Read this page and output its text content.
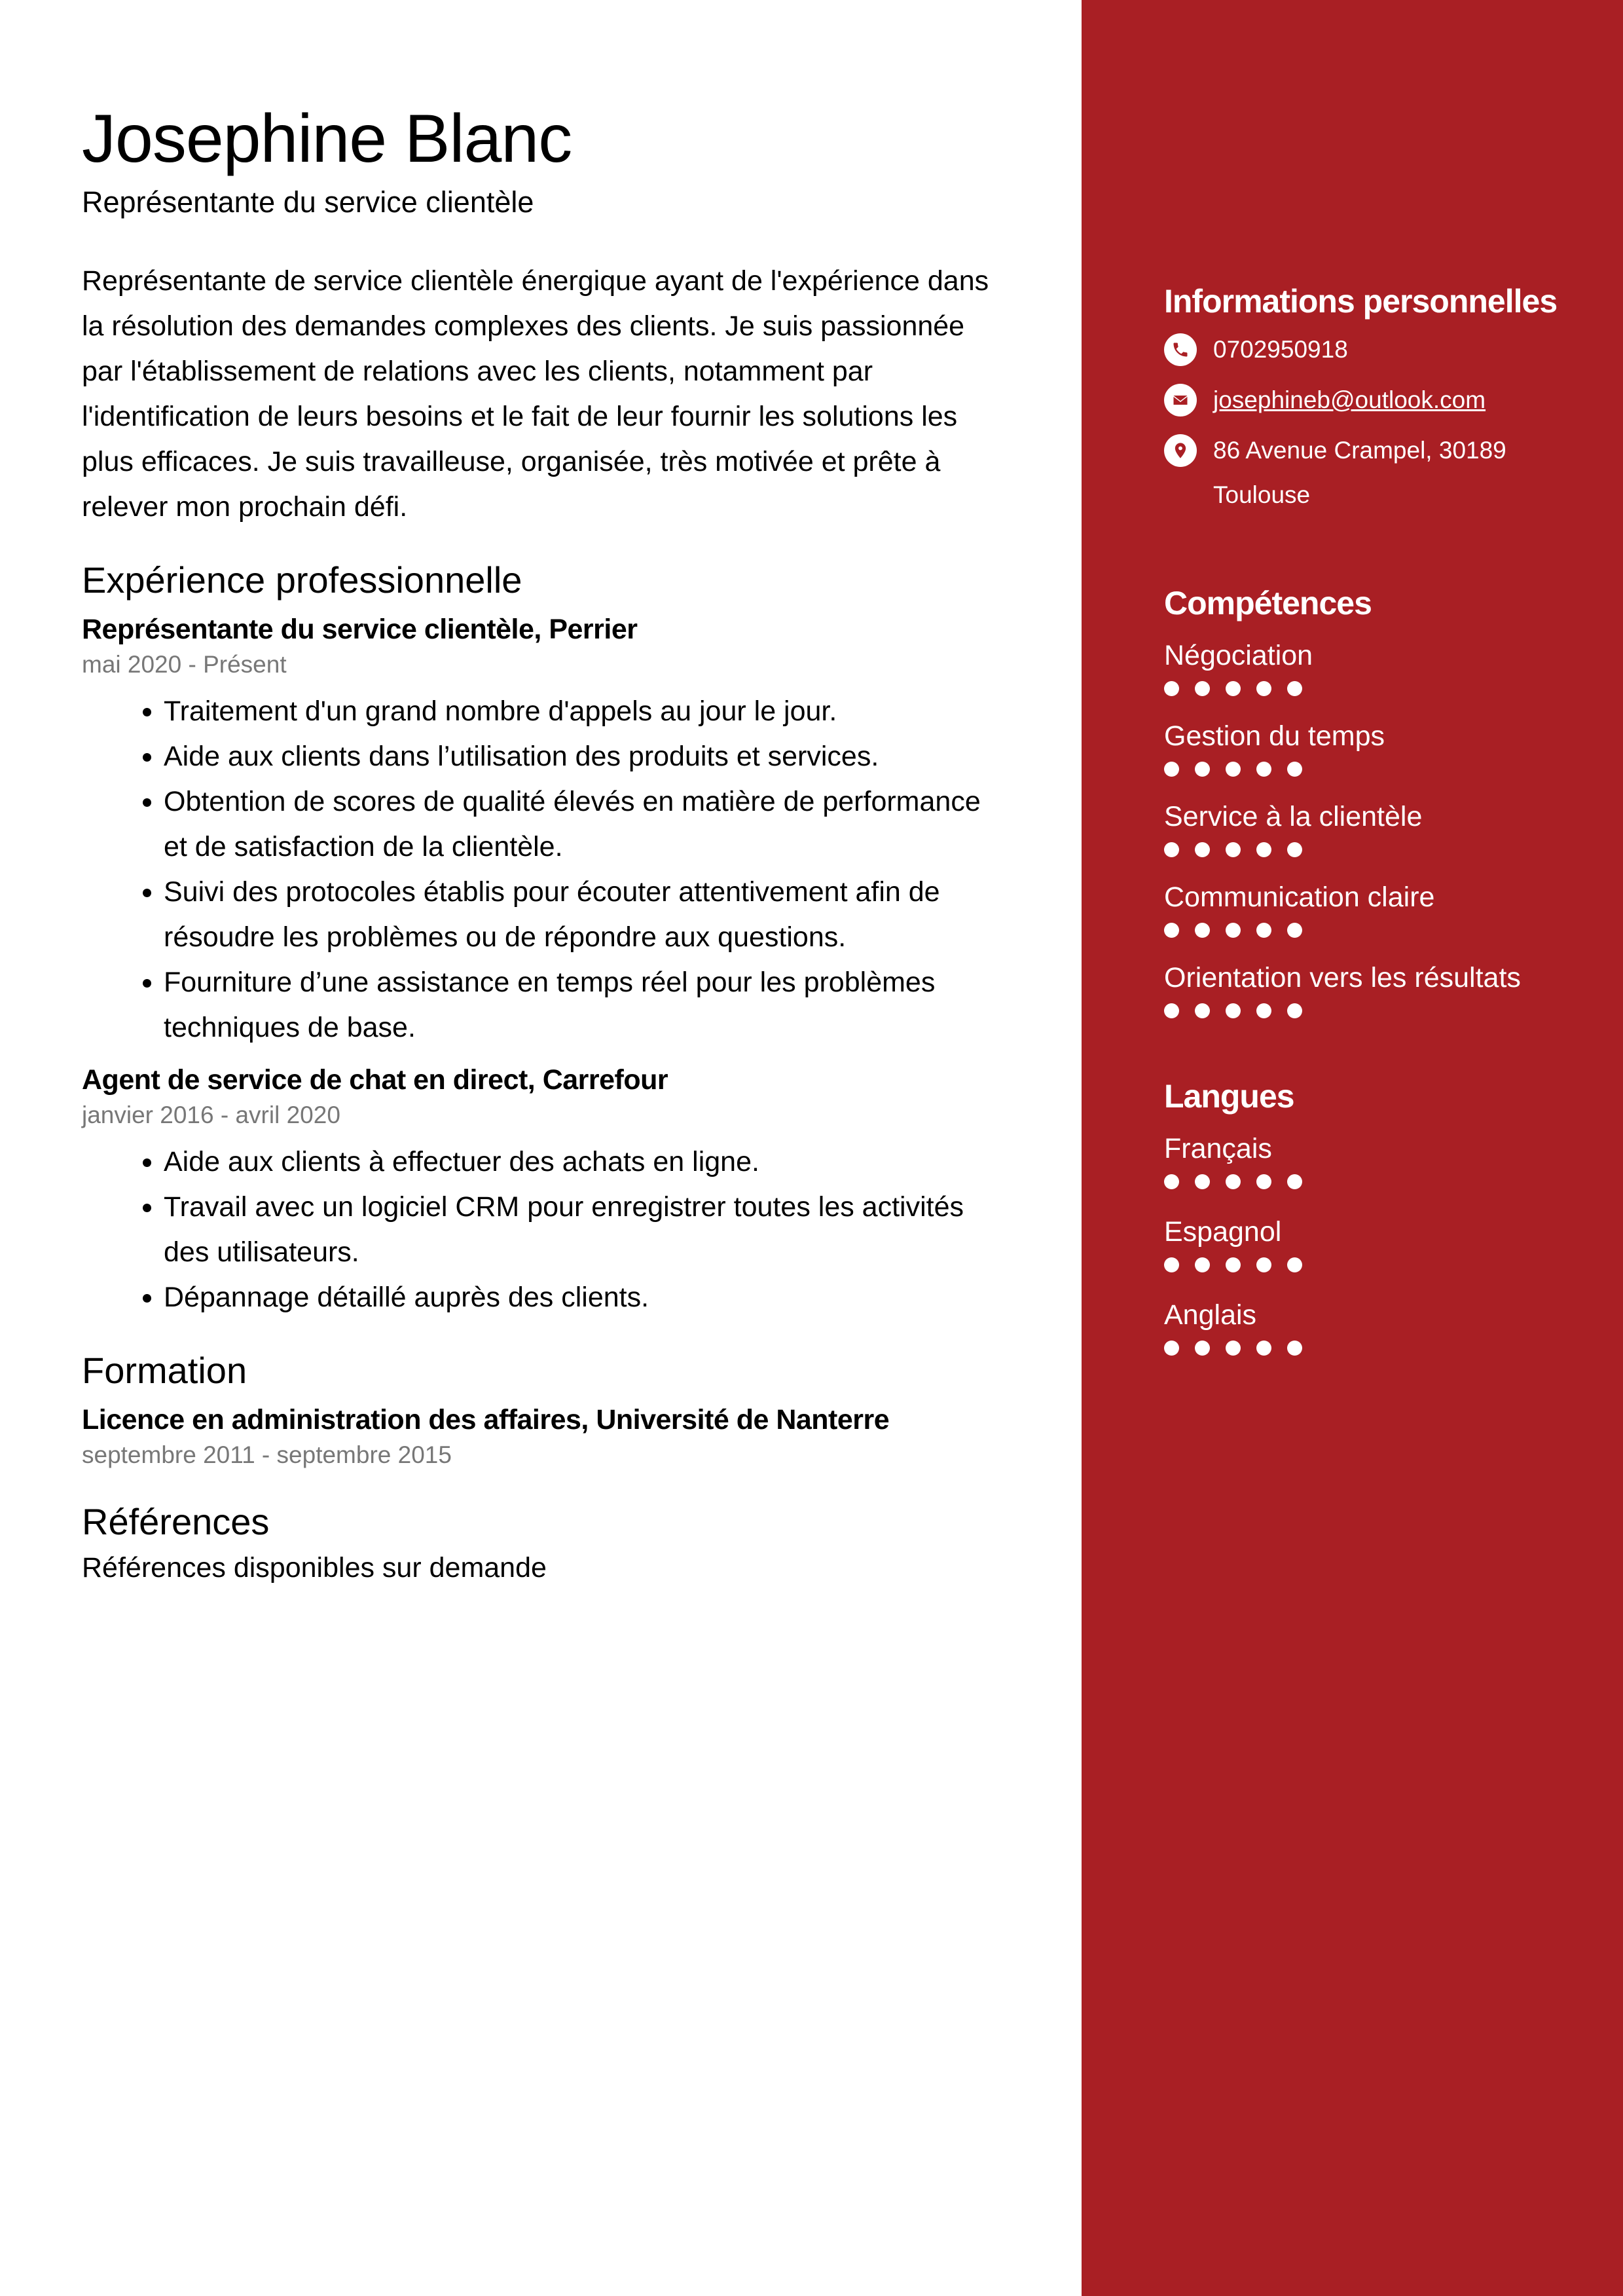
Josephine Blanc

Représentante du service clientèle

Représentante de service clientèle énergique ayant de l'expérience dans la résolution des demandes complexes des clients. Je suis passionnée par l'établissement de relations avec les clients, notamment par l'identification de leurs besoins et le fait de leur fournir les solutions les plus efficaces. Je suis travailleuse, organisée, très motivée et prête à relever mon prochain défi.

Expérience professionnelle

Représentante du service clientèle, Perrier

mai 2020 - Présent

• Traitement d'un grand nombre d'appels au jour le jour.
• Aide aux clients dans l’utilisation des produits et services.
• Obtention de scores de qualité élevés en matière de performance et de satisfaction de la clientèle.
• Suivi des protocoles établis pour écouter attentivement afin de résoudre les problèmes ou de répondre aux questions.
• Fourniture d’une assistance en temps réel pour les problèmes techniques de base.

Agent de service de chat en direct, Carrefour

janvier 2016 - avril 2020

• Aide aux clients à effectuer des achats en ligne.
• Travail avec un logiciel CRM pour enregistrer toutes les activités des utilisateurs.
• Dépannage détaillé auprès des clients.
Formation

Licence en administration des affaires, Université de Nanterre

septembre 2011 - septembre 2015

Références

Références disponibles sur demande

Informations personnelles
0702950918
josephineb@outlook.com
86 Avenue Crampel, 30189
Toulouse
Compétences
Négociation
Gestion du temps
Service à la clientèle
Communication claire
Orientation vers les résultats
Langues
Français
Espagnol
Anglais
